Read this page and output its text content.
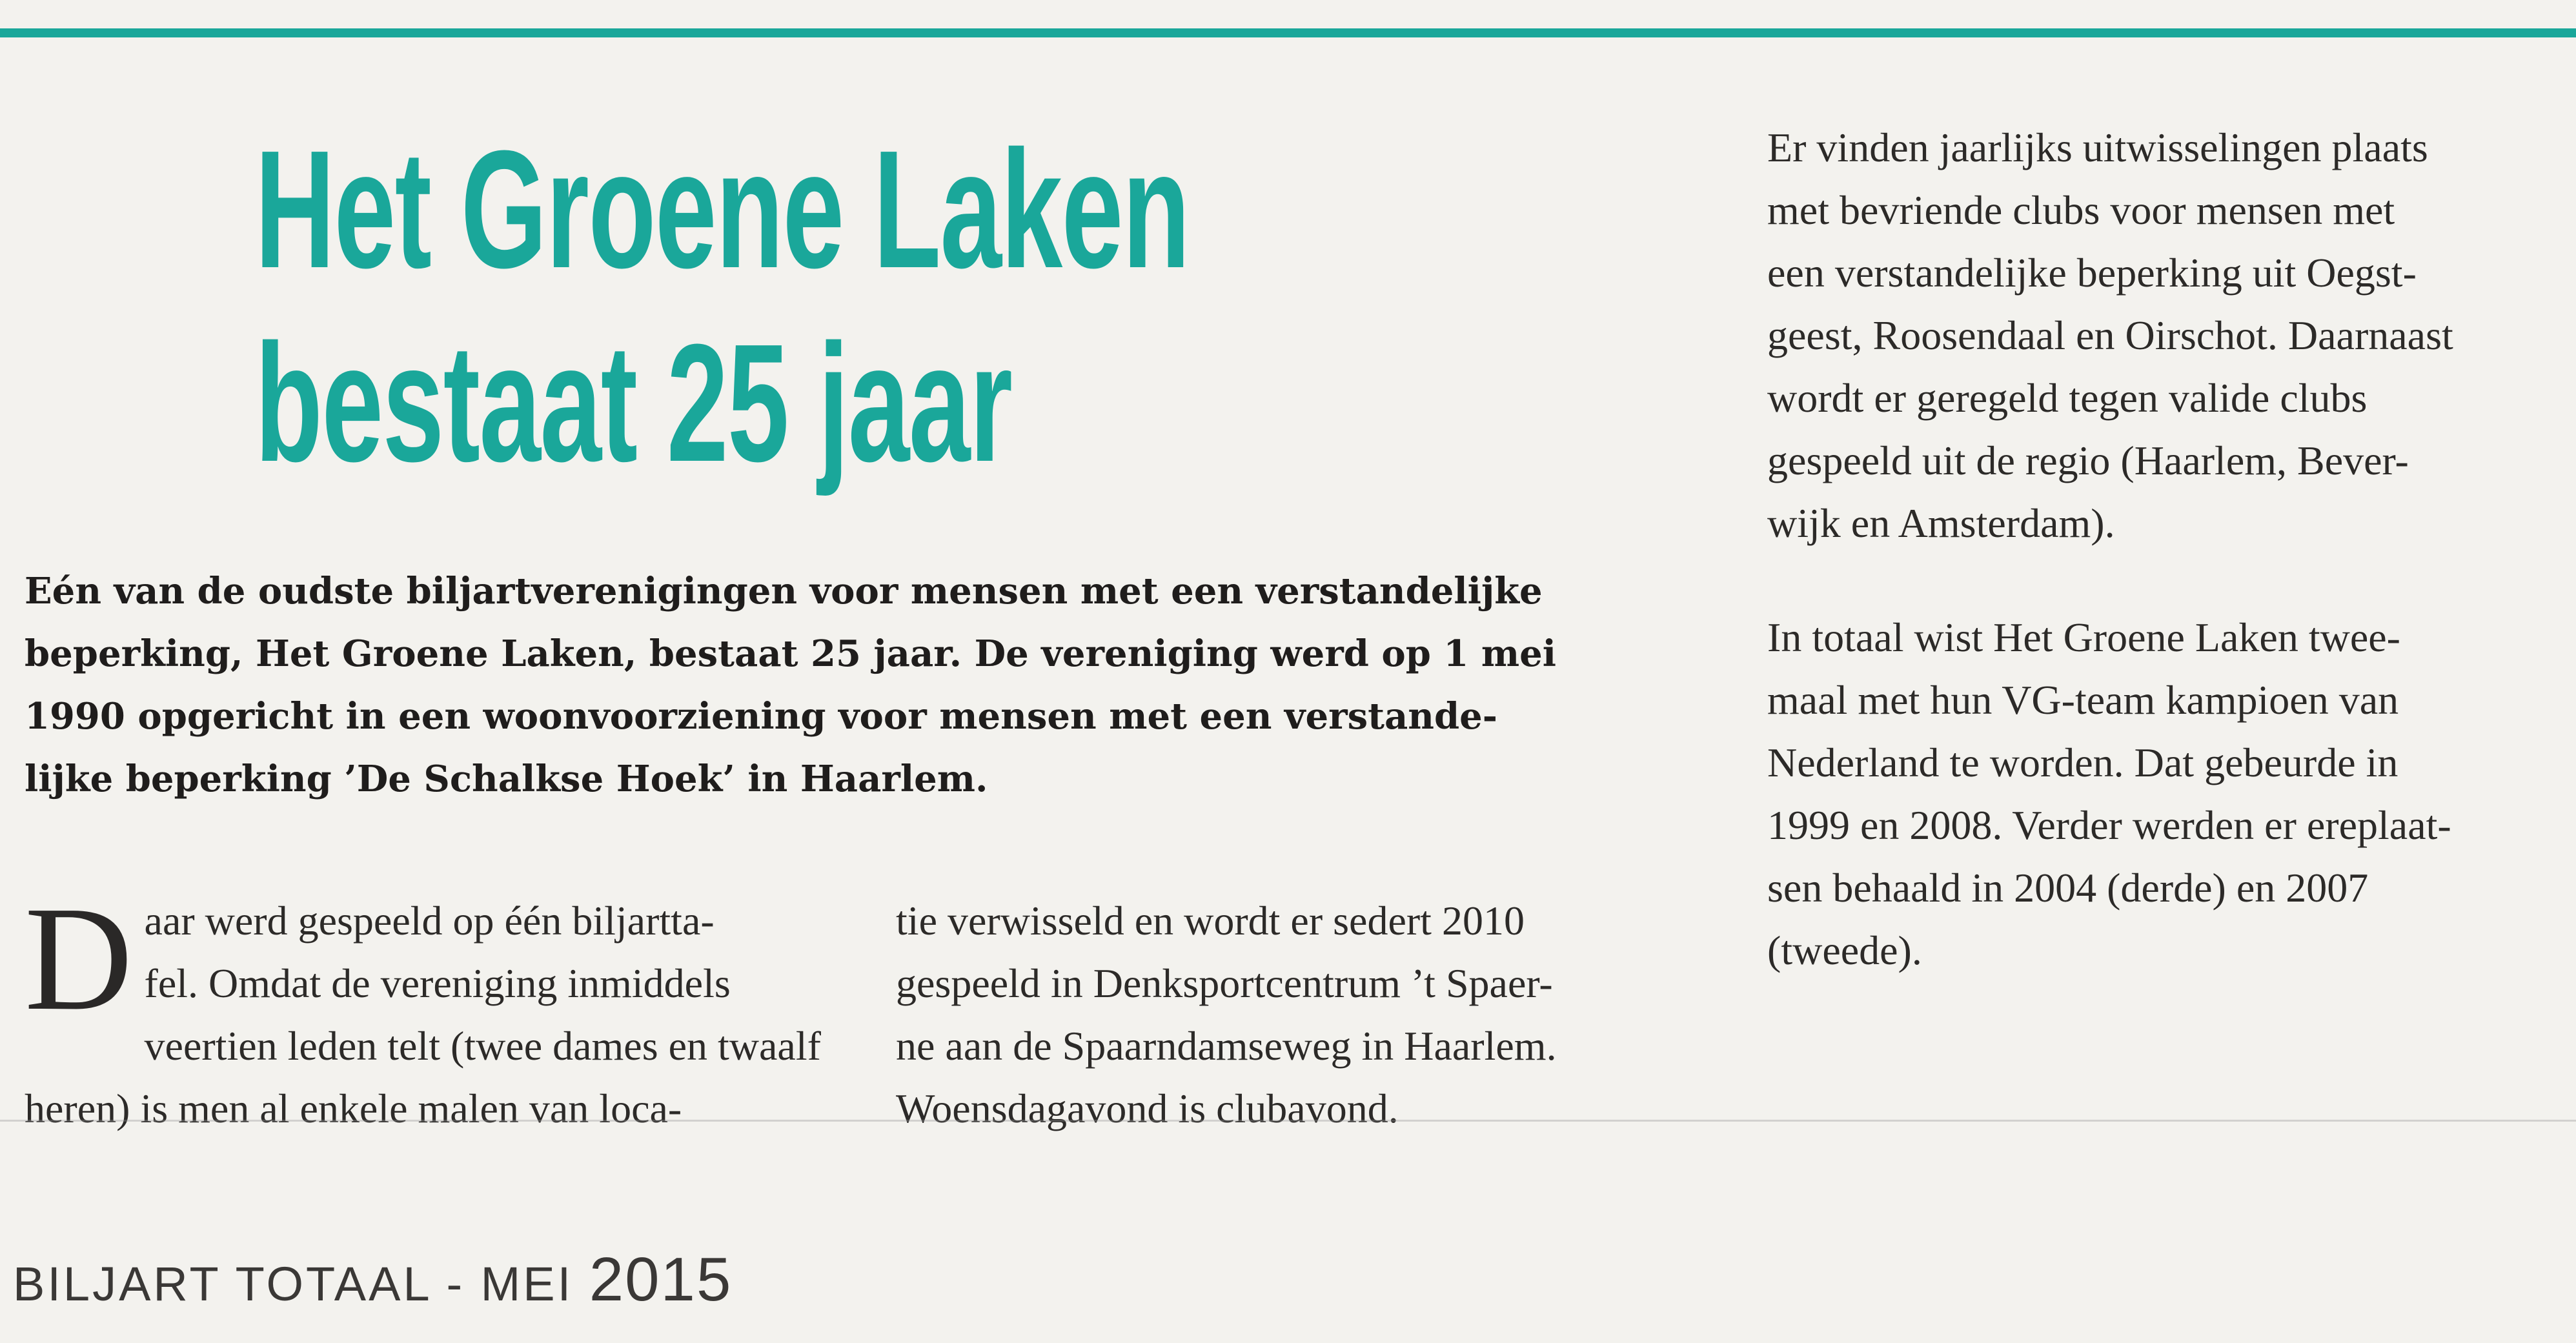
Het Groene Laken
bestaat 25 jaar
Eén van de oudste biljartverenigingen voor mensen met een verstandelijke
beperking, Het Groene Laken, bestaat 25 jaar. De vereniging werd op 1 mei
1990 opgericht in een woonvoorziening voor mensen met een verstande-
lijke beperking ’De Schalkse Hoek’ in Haarlem.
D aar werd gespeeld op één biljartta-
fel. Omdat de vereniging inmiddels
veertien leden telt (twee dames en twaalf
heren) is men al enkele malen van loca-
tie verwisseld en wordt er sedert 2010
gespeeld in Denksportcentrum ’t Spaer-
ne aan de Spaarndamseweg in Haarlem.
Woensdagavond is clubavond.
Er vinden jaarlijks uitwisselingen plaats
met bevriende clubs voor mensen met
een verstandelijke beperking uit Oegst-
geest, Roosendaal en Oirschot. Daarnaast
wordt er geregeld tegen valide clubs
gespeeld uit de regio (Haarlem, Bever-
wijk en Amsterdam).
In totaal wist Het Groene Laken twee-
maal met hun VG-team kampioen van
Nederland te worden. Dat gebeurde in
1999 en 2008. Verder werden er ereplaat-
sen behaald in 2004 (derde) en 2007
(tweede).
BILJART TOTAAL - MEI 2015
